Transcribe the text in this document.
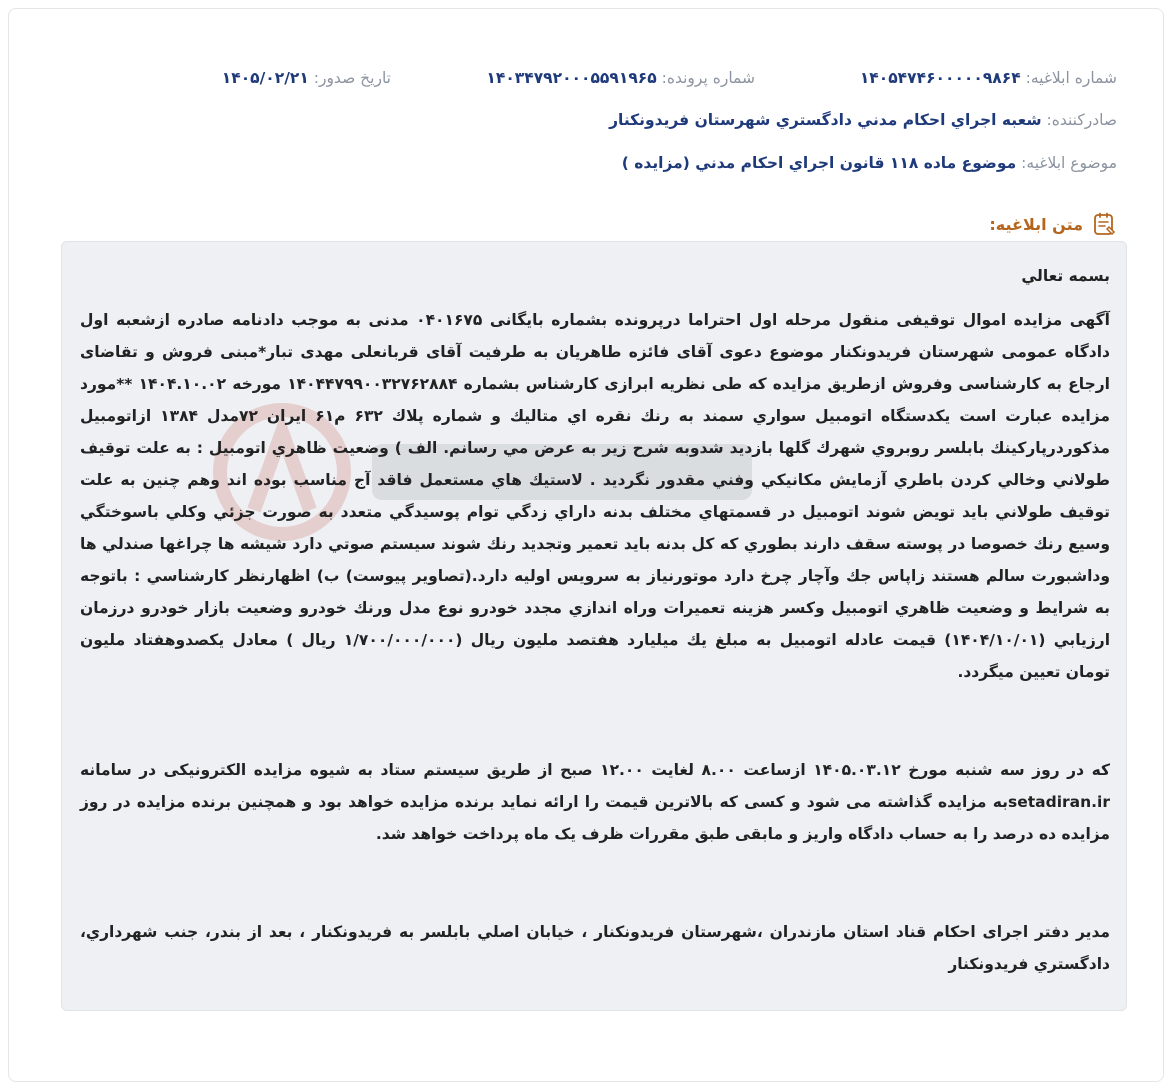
شماره ابلاغيه: ۱۴۰۵۴۷۴۶۰۰۰۰۰۹۸۶۴
شماره پرونده: ۱۴۰۳۴۷۹۲۰۰۰۵۵۹۱۹۶۵
تاریخ صدور: ۱۴۰۵/۰۲/۲۱
صادرکننده: شعبه اجراي احكام مدني دادگستري شهرستان فريدونكنار
موضوع ابلاغيه: موضوع ماده ۱۱۸ قانون اجراي احكام مدني (مزايده )
متن ابلاغيه:

بسمه تعالي

آگهی مزایده اموال توقیفی منقول مرحله اول احتراما درپرونده بشماره بایگانی ۰۴۰۱۶۷۵ مدنی به موجب دادنامه صادره ازشعبه اول دادگاه عمومی شهرستان فریدونکنار موضوع دعوی آقای فائزه طاهریان به طرفیت آقای قربانعلی مهدی تبار*مبنی فروش و تقاضای ارجاع به کارشناسی وفروش ازطریق مزایده که طی نظریه ابرازی کارشناس بشماره ۱۴۰۴۴۷۹۹۰۰۳۲۷۶۲۸۸۴ مورخه ۱۴۰۴.۱۰.۰۲ **مورد مزايده عبارت است يكدستگاه اتومبيل سواري سمند به رنك نقره اي متاليك و شماره پلاك ۶۳۲ م۶۱ ايران ۷۲مدل ۱۳۸۴ ازاتومبيل مذكوردرپاركينك بابلسر روبروي شهرك گلها بازديد شدوبه شرح زير به عرض مي رسانم. الف ) وضعيت ظاهري اتومبيل : به علت توقيف طولاني وخالي كردن باطري آزمايش مكانيكي وفني مقدور نگرديد . لاستيك هاي مستعمل فاقد آج مناسب بوده اند وهم چنين به علت توقيف طولاني بايد تويض شوند اتومبيل در قسمتهاي مختلف بدنه داراي زدگي توام پوسيدگي متعدد به صورت جزئي وكلي باسوختگي وسيع رنك خصوصا در پوسته سقف دارند بطوري كه كل بدنه بايد تعمير وتجديد رنك شوند سيستم صوتي دارد شيشه ها چراغها صندلي ها وداشبورت سالم هستند زاپاس جك وآچار چرخ دارد موتورنياز به سرويس اوليه دارد.(تصاوير پيوست) ب) اظهارنظر كارشناسي : باتوجه به شرايط و وضعيت ظاهري اتومبيل وكسر هزينه تعميرات وراه اندازي مجدد خودرو نوع مدل ورنك خودرو وضعيت بازار خودرو درزمان ارزيابي (۱۴۰۴/۱۰/۰۱) قيمت عادله اتومبيل به مبلغ يك ميليارد هفتصد مليون ريال (۱/۷۰۰/۰۰۰/۰۰۰ ريال ) معادل يكصدوهفتاد مليون تومان تعيين ميگردد.

كه در روز سه شنبه مورخ ۱۴۰۵.۰۳.۱۲ ازساعت ۸.۰۰ لغایت ۱۲.۰۰ صبح از طریق سیستم ستاد به شیوه مزایده الکترونیکی در سامانه setadiran.irبه مزایده گذاشته می شود و کسی که بالاترین قیمت را ارائه نماید برنده مزایده خواهد بود و همچنین برنده مزایده در روز مزایده ده درصد را به حساب دادگاه واریز و مابقی طبق مقررات ظرف یک ماه پرداخت خواهد شد.

مدیر دفتر اجرای احکام قناد استان مازندران ،شهرستان فریدونکنار ، خیابان اصلي بابلسر به فريدونكنار ، بعد از بندر، جنب شهرداري، دادگستري فريدونكنار
